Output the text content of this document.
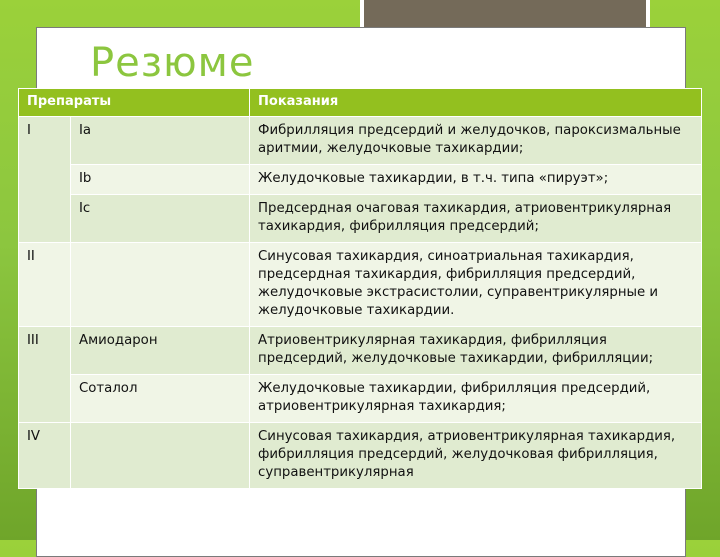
Резюме
Препараты		Показания
I	Ia	Фибрилляция предсердий и желудочков, пароксизмальные аритмии, желудочковые тахикардии;
	Ib	Желудочковые тахикардии, в т.ч. типа «пируэт»;
	Ic	Предсердная очаговая тахикардия, атриовентрикулярная тахикардия, фибрилляция предсердий;
II		Синусовая тахикардия, синоатриальная тахикардия, предсердная тахикардия, фибрилляция предсердий, желудочковые экстрасистолии, суправентрикулярные и желудочковые тахикардии.
III	Амиодарон	Атриовентрикулярная тахикардия, фибрилляция предсердий, желудочковые тахикардии, фибрилляции;
	Соталол	Желудочковые тахикардии, фибрилляция предсердий, атриовентрикулярная тахикардия;
IV		Синусовая тахикардия, атриовентрикулярная тахикардия, фибрилляция предсердий, желудочковая фибрилляция, суправентрикулярная
